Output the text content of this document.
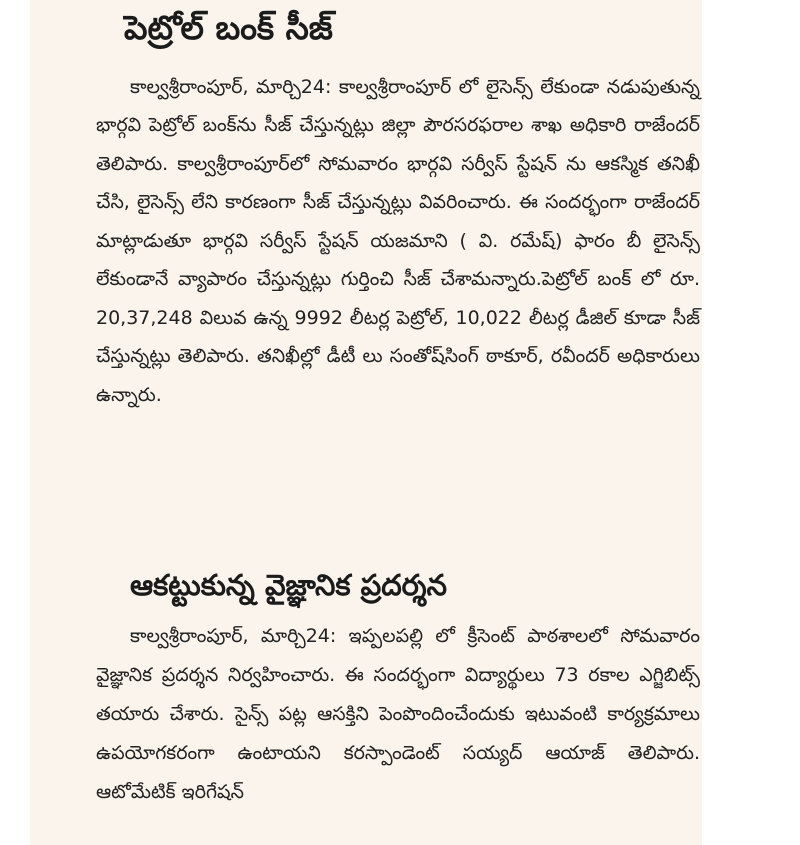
పెట్రోల్ బంక్ సీజ్

కాల్వశ్రీరాంపూర్, మార్చి24: కాల్వశ్రీరాంపూర్ లో లైసెన్స్ లేకుండా నడుపుతున్న భార్గవి పెట్రోల్ బంక్‌ను సీజ్ చేస్తున్నట్లు జిల్లా పౌరసరఫరాల శాఖ అధికారి రాజేందర్ తెలిపారు. కాల్వశ్రీరాంపూర్‌లో సోమవారం భార్గవి సర్వీస్ స్టేషన్ ను ఆకస్మిక తనిఖీ చేసి, లైసెన్స్ లేని కారణంగా సీజ్ చేస్తున్నట్లు వివరించారు. ఈ సందర్భంగా రాజేందర్ మాట్లాడుతూ భార్గవి సర్వీస్ స్టేషన్ యజమాని ( వి. రమేష్) ఫారం బీ లైసెన్స్ లేకుండానే వ్యాపారం చేస్తున్నట్లు గుర్తించి సీజ్ చేశామన్నారు.పెట్రోల్ బంక్ లో రూ. 20,37,248 విలువ ఉన్న 9992 లీటర్ల పెట్రోల్, 10,022 లీటర్ల డీజిల్ కూడా సీజ్ చేస్తున్నట్లు తెలిపారు. తనిఖీల్లో డీటీ లు సంతోష్‌సింగ్ ఠాకూర్, రవీందర్ అధికారులు ఉన్నారు.

ఆకట్టుకున్న వైజ్ఞానిక ప్రదర్శన

కాల్వశ్రీరాంపూర్, మార్చి24: ఇప్పలపల్లి లో క్రీసెంట్ పాఠశాలలో సోమవారం వైజ్ఞానిక ప్రదర్శన నిర్వహించారు. ఈ సందర్భంగా విద్యార్థులు 73 రకాల ఎగ్జిబిట్స్ తయారు చేశారు. సైన్స్ పట్ల ఆసక్తిని పెంపొందించేందుకు ఇటువంటి కార్యక్రమాలు ఉపయోగకరంగా ఉంటాయని కరస్పాండెంట్ సయ్యద్ ఆయాజ్ తెలిపారు. ఆటోమేటిక్ ఇరిగేషన్
